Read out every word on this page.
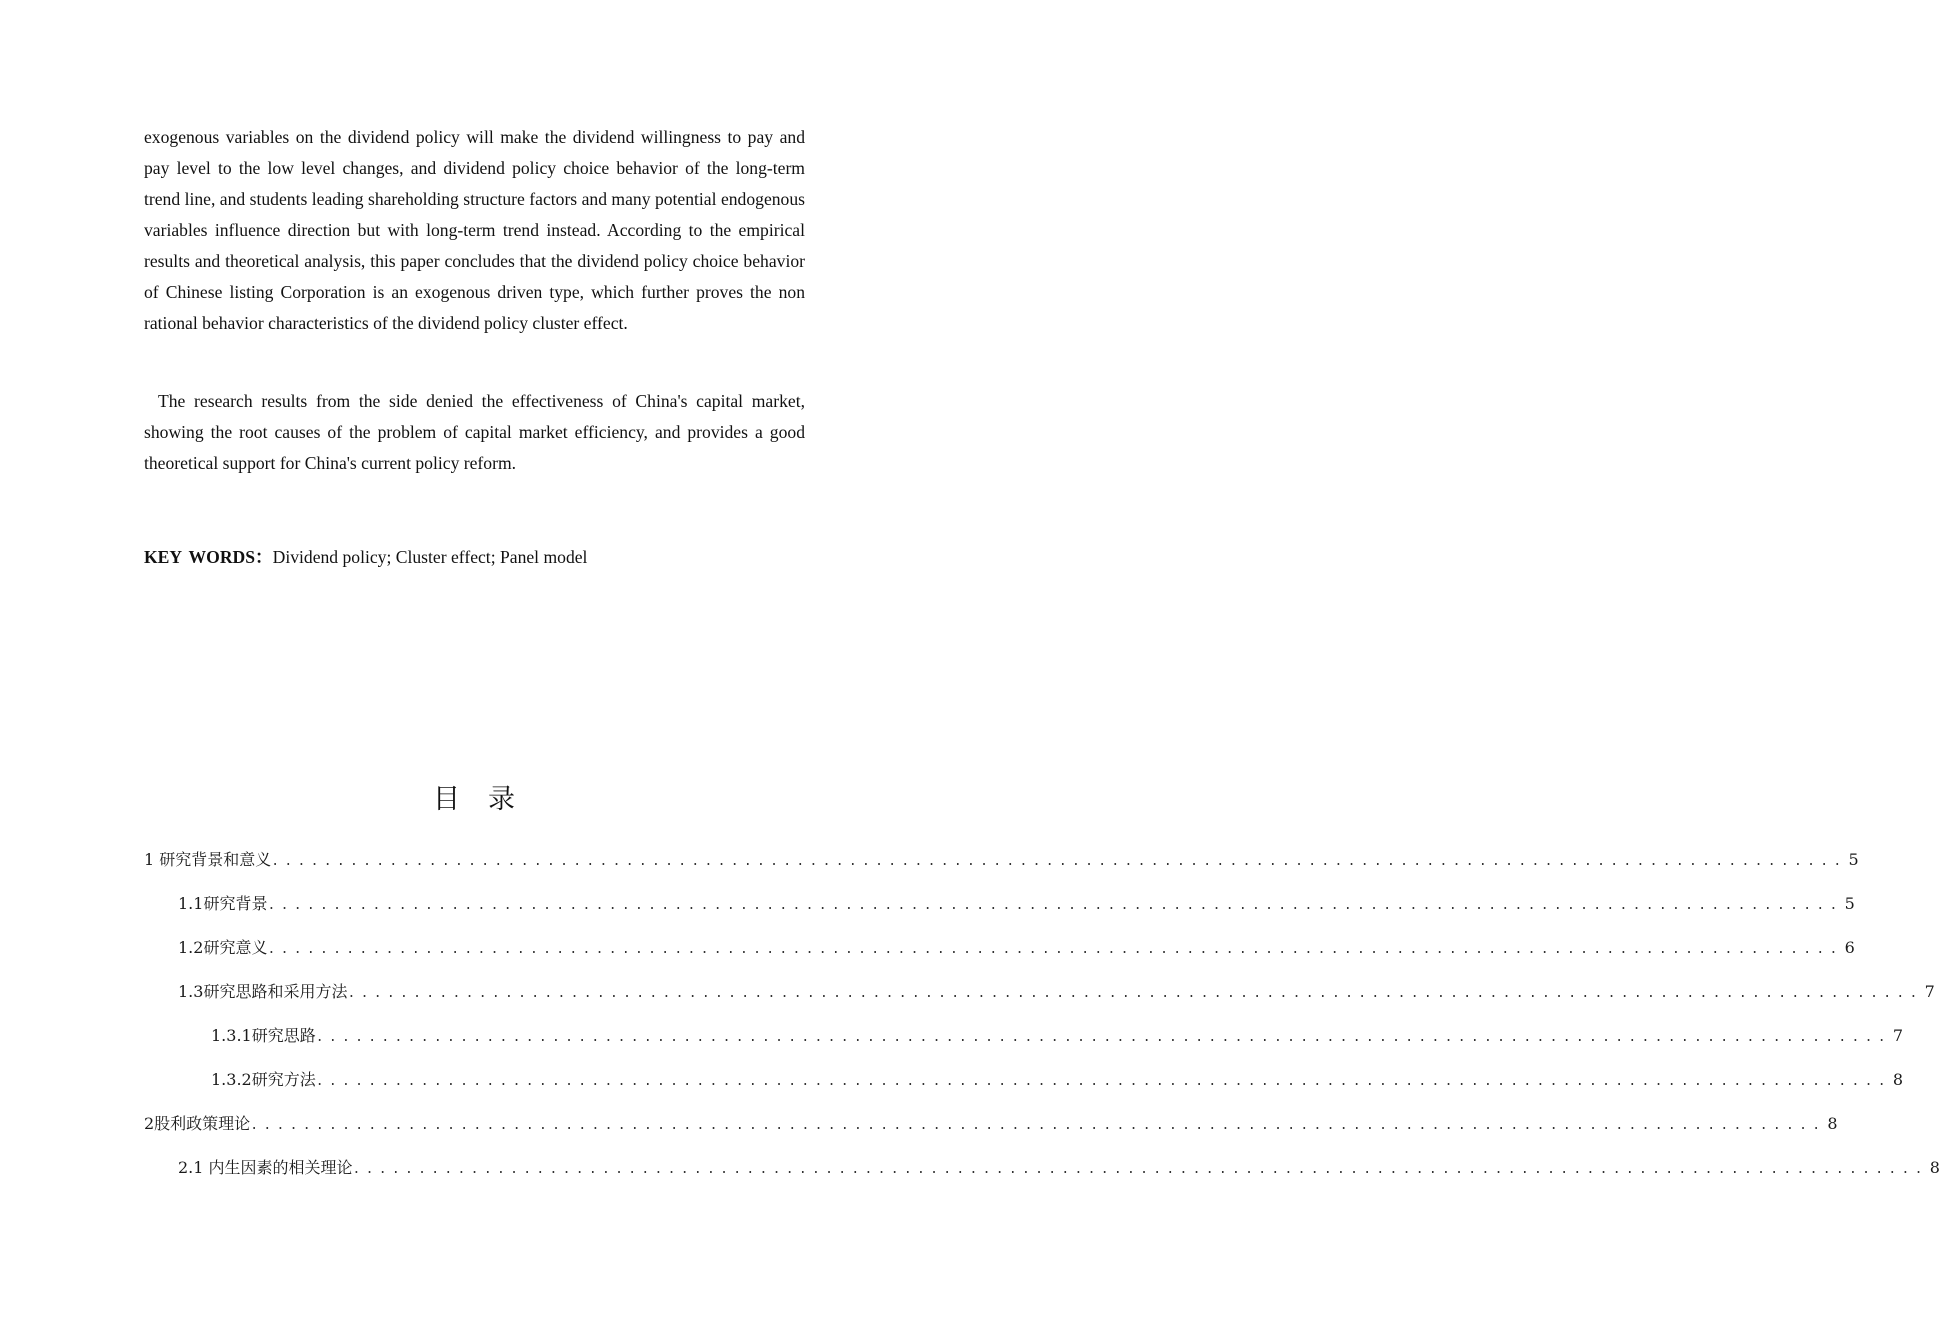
exogenous variables on the dividend policy will make the dividend willingness to pay and pay level to the low level changes, and dividend policy choice behavior of the long-term trend line, and students leading shareholding structure factors and many potential endogenous variables influence direction but with long-term trend instead. According to the empirical results and theoretical analysis, this paper concludes that the dividend policy choice behavior of Chinese listing Corporation is an exogenous driven type, which further proves the non rational behavior characteristics of the dividend policy cluster effect.

The research results from the side denied the effectiveness of China's capital market, showing the root causes of the problem of capital market efficiency, and provides a good theoretical support for China's current policy reform.

KEY WORDS：Dividend policy; Cluster effect; Panel model
目 录
1 研究背景和意义 ........................................................................................................................ 5
1.1研究背景 ........................................................................................................................ 5
1.2研究意义 ........................................................................................................................ 6
1.3研究思路和采用方法 ........................................................................................................................ 7
1.3.1研究思路 ........................................................................................................................ 7
1.3.2研究方法 ........................................................................................................................ 8
2股利政策理论 ........................................................................................................................ 8
2.1 内生因素的相关理论 ........................................................................................................................ 8
